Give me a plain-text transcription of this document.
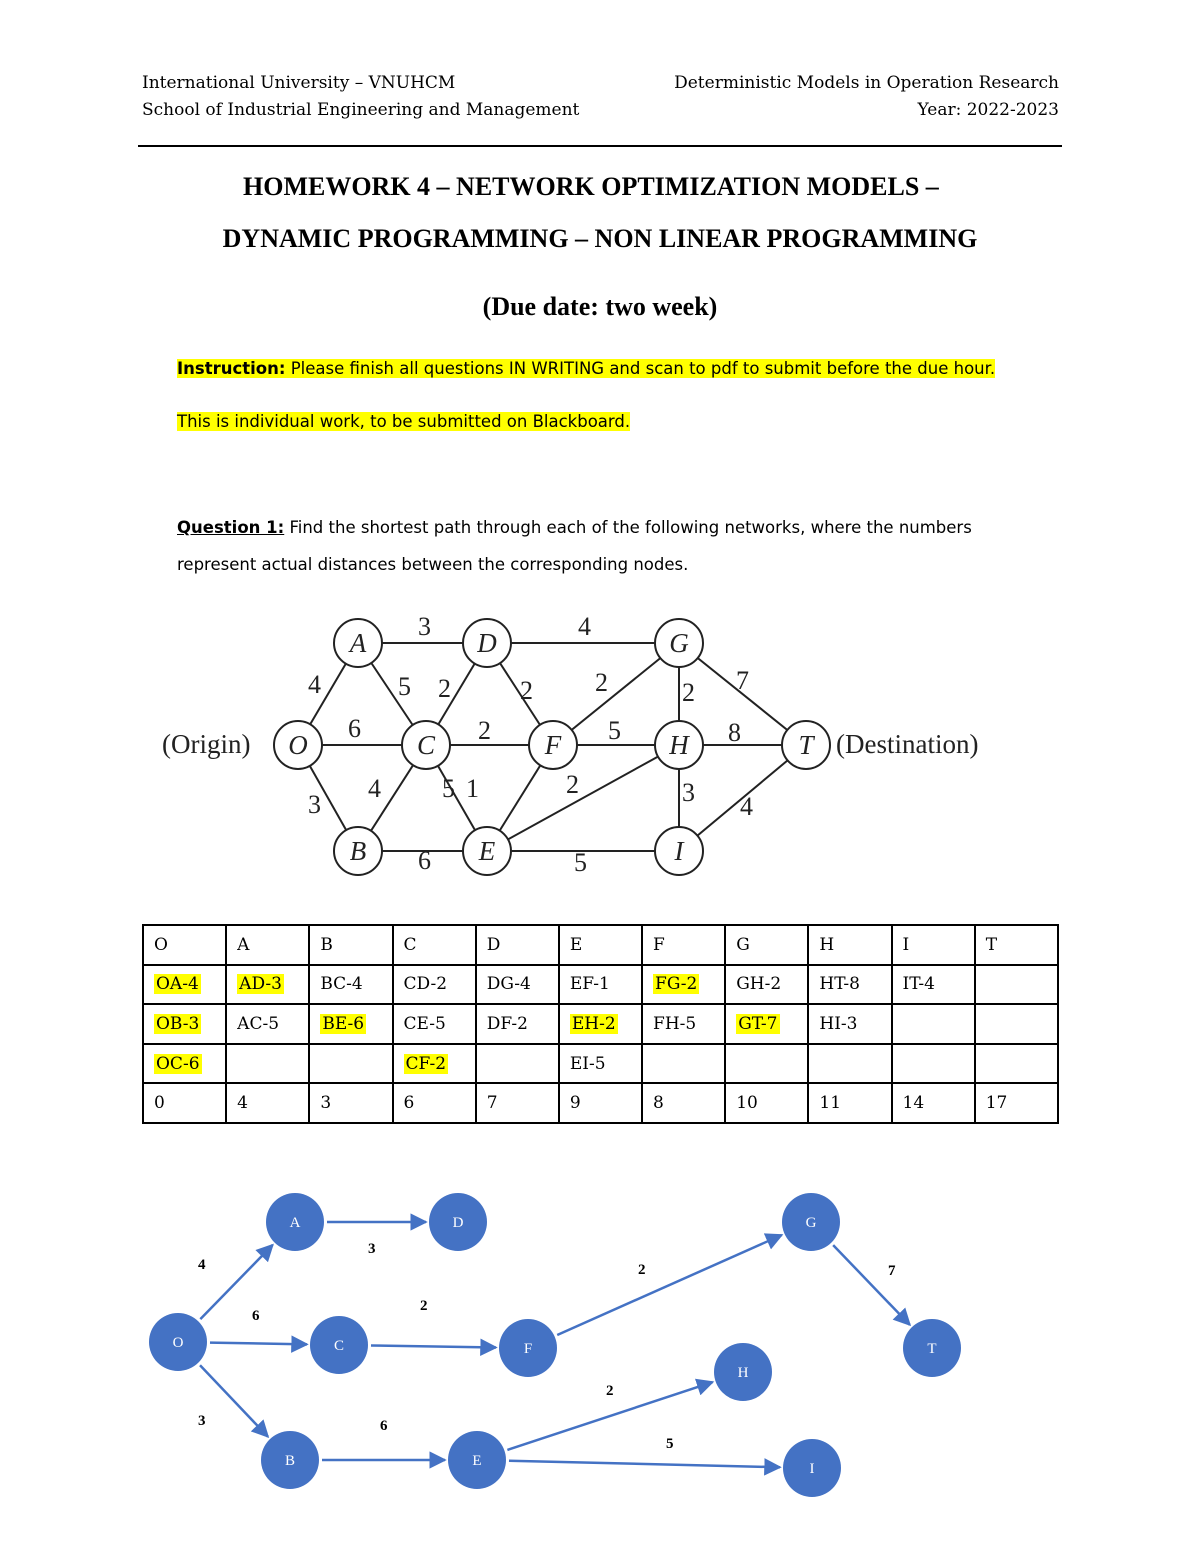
International University – VNUHCM
School of Industrial Engineering and Management
Deterministic Models in Operation Research
Year: 2022-2023
HOMEWORK 4 – NETWORK OPTIMIZATION MODELS –
DYNAMIC PROGRAMMING – NON LINEAR PROGRAMMING
(Due date: two week)
Instruction: Please finish all questions IN WRITING and scan to pdf to submit before the due hour.
This is individual work, to be submitted on Blackboard.
Question 1: Find the shortest path through each of the following networks, where the numbers
represent actual distances between the corresponding nodes.
4
6
3
3
5
4
6
2
2
5
4
2
1	2
5
2
5
2 7
8
3 4
O
A
B
C
D
E
F
G
H
I
T
(Origin)	(Destination)
O	A	B	C	D	E	F	G	H	I	T
OA-4	AD-3	BC-4	CD-2	DG-4	EF-1	FG-2	GH-2	HT-8	IT-4	
OB-3	AC-5	BE-6	CE-5	DF-2	EH-2	FH-5	GT-7	HI-3		
OC-6			CF-2		EI-5					
0	4	3	6	7	9	8	10	11	14	17
4
3
6
2
2	7
3	6
2
5
O
A	D
C	F
G
T
H
B	E	I
